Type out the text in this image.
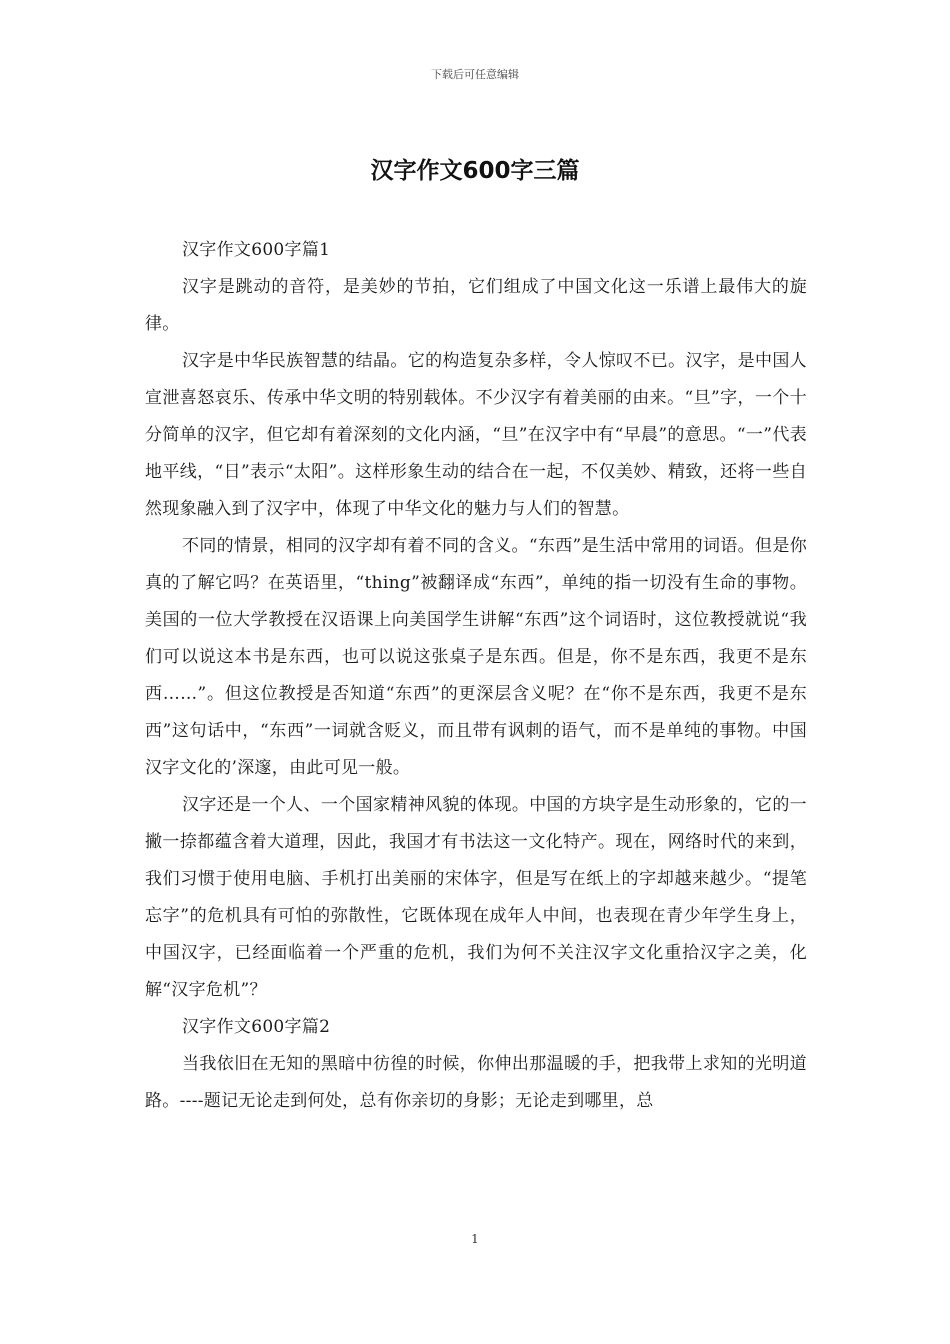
下载后可任意编辑
汉字作文600字三篇

汉字作文600字篇1

汉字是跳动的音符，是美妙的节拍，它们组成了中国文化这一乐谱上最伟大的旋律。

汉字是中华民族智慧的结晶。它的构造复杂多样，令人惊叹不已。汉字，是中国人宣泄喜怒哀乐、传承中华文明的特别载体。不少汉字有着美丽的由来。“旦”字，一个十分简单的汉字，但它却有着深刻的文化内涵，“旦”在汉字中有“早晨”的意思。“一”代表地平线，“日”表示“太阳”。这样形象生动的结合在一起，不仅美妙、精致，还将一些自然现象融入到了汉字中，体现了中华文化的魅力与人们的智慧。

不同的情景，相同的汉字却有着不同的含义。“东西”是生活中常用的词语。但是你真的了解它吗？在英语里，“thing”被翻译成“东西”，单纯的指一切没有生命的事物。美国的一位大学教授在汉语课上向美国学生讲解“东西”这个词语时，这位教授就说“我们可以说这本书是东西，也可以说这张桌子是东西。但是，你不是东西，我更不是东西……”。但这位教授是否知道“东西”的更深层含义呢？在“你不是东西，我更不是东西”这句话中，“东西”一词就含贬义，而且带有讽刺的语气，而不是单纯的事物。中国汉字文化的’深邃，由此可见一般。

汉字还是一个人、一个国家精神风貌的体现。中国的方块字是生动形象的，它的一撇一捺都蕴含着大道理，因此，我国才有书法这一文化特产。现在，网络时代的来到，我们习惯于使用电脑、手机打出美丽的宋体字，但是写在纸上的字却越来越少。“提笔忘字”的危机具有可怕的弥散性，它既体现在成年人中间，也表现在青少年学生身上，中国汉字，已经面临着一个严重的危机，我们为何不关注汉字文化重拾汉字之美，化解“汉字危机”？

汉字作文600字篇2

当我依旧在无知的黑暗中彷徨的时候，你伸出那温暖的手，把我带上求知的光明道路。----题记无论走到何处，总有你亲切的身影；无论走到哪里，总

1
